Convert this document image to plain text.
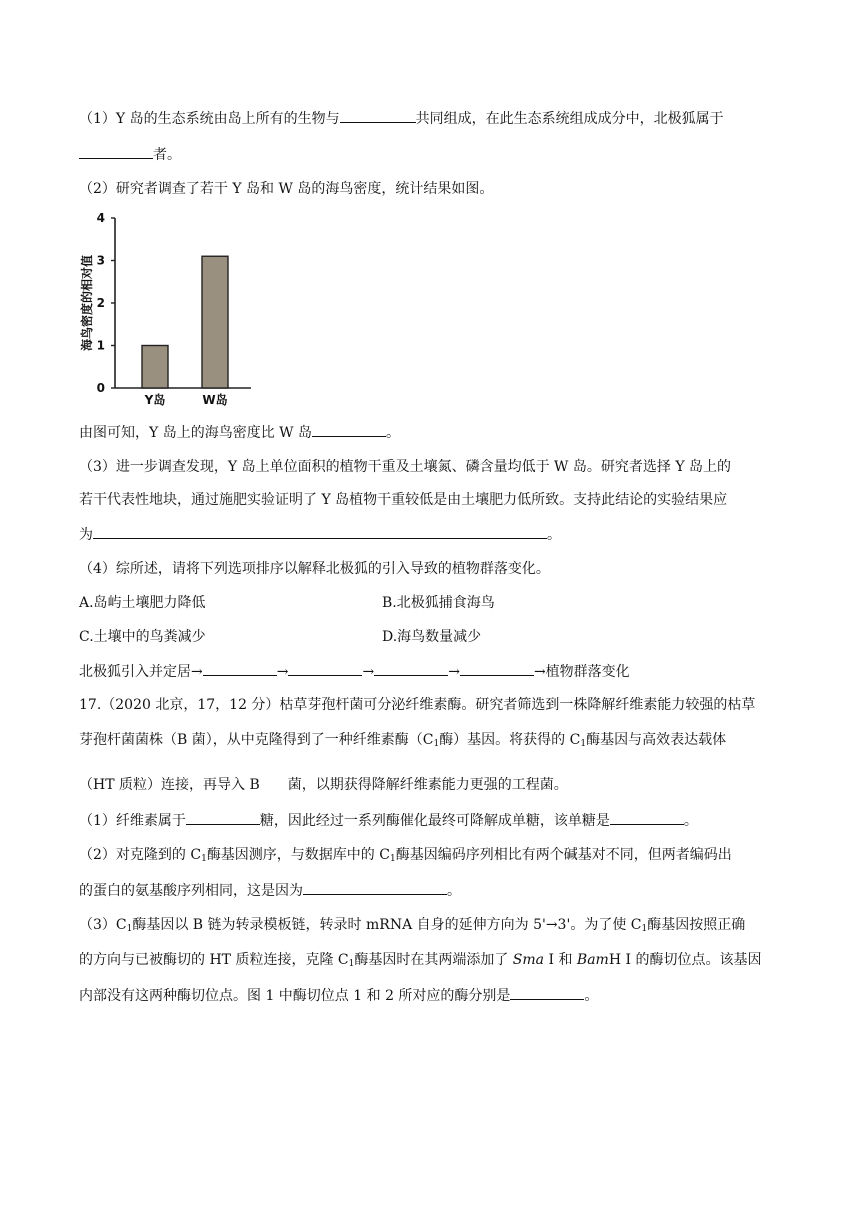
（1）Y 岛的生态系统由岛上所有的生物与	共同组成，在此生态系统组成成分中，北极狐属于
者。
（2）研究者调查了若干 Y 岛和 W 岛的海鸟密度，统计结果如图。
0
1
2
3
4
海鸟密度的相对值
Y岛	W岛
由图可知，Y 岛上的海鸟密度比 W 岛	。
（3）进一步调查发现，Y 岛上单位面积的植物干重及土壤氮、磷含量均低于 W 岛。研究者选择 Y 岛上的
若干代表性地块，通过施肥实验证明了 Y 岛植物干重较低是由土壤肥力低所致。支持此结论的实验结果应
为	。
（4）综所述，请将下列选项排序以解释北极狐的引入导致的植物群落变化。
A.岛屿土壤肥力降低	B.北极狐捕食海鸟
C.土壤中的鸟粪减少	D.海鸟数量减少
北极狐引入并定居→	→	→	→	→植物群落变化
17.（2020 北京，17，12 分）枯草芽孢杆菌可分泌纤维素酶。研究者筛选到一株降解纤维素能力较强的枯草
芽孢杆菌菌株（B 菌），从中克隆得到了一种纤维素酶（$C_1$酶）基因。将获得的 $C_1$酶基因与高效表达载体
（HT 质粒）连接，再导入 B　　菌，以期获得降解纤维素能力更强的工程菌。
（1）纤维素属于	糖，因此经过一系列酶催化最终可降解成单糖，该单糖是	。
（2）对克隆到的 $C_1$酶基因测序，与数据库中的 $C_1$酶基因编码序列相比有两个碱基对不同，但两者编码出
的蛋白的氨基酸序列相同，这是因为	。
$(3)C_1$酶基因以 B 链为转录模板链，转录时 mRNA 自身的延伸方向为 5'→3'。为了使 $C_1$酶基因按照正确
的方向与已被酶切的 HT 质粒连接，克隆 $C_1$酶基因时在其两端添加了 Sma I 和 BamH I 的酶切位点。该基因
内部没有这两种酶切位点。图 1 中酶切位点 1 和 2 所对应的酶分别是	。
